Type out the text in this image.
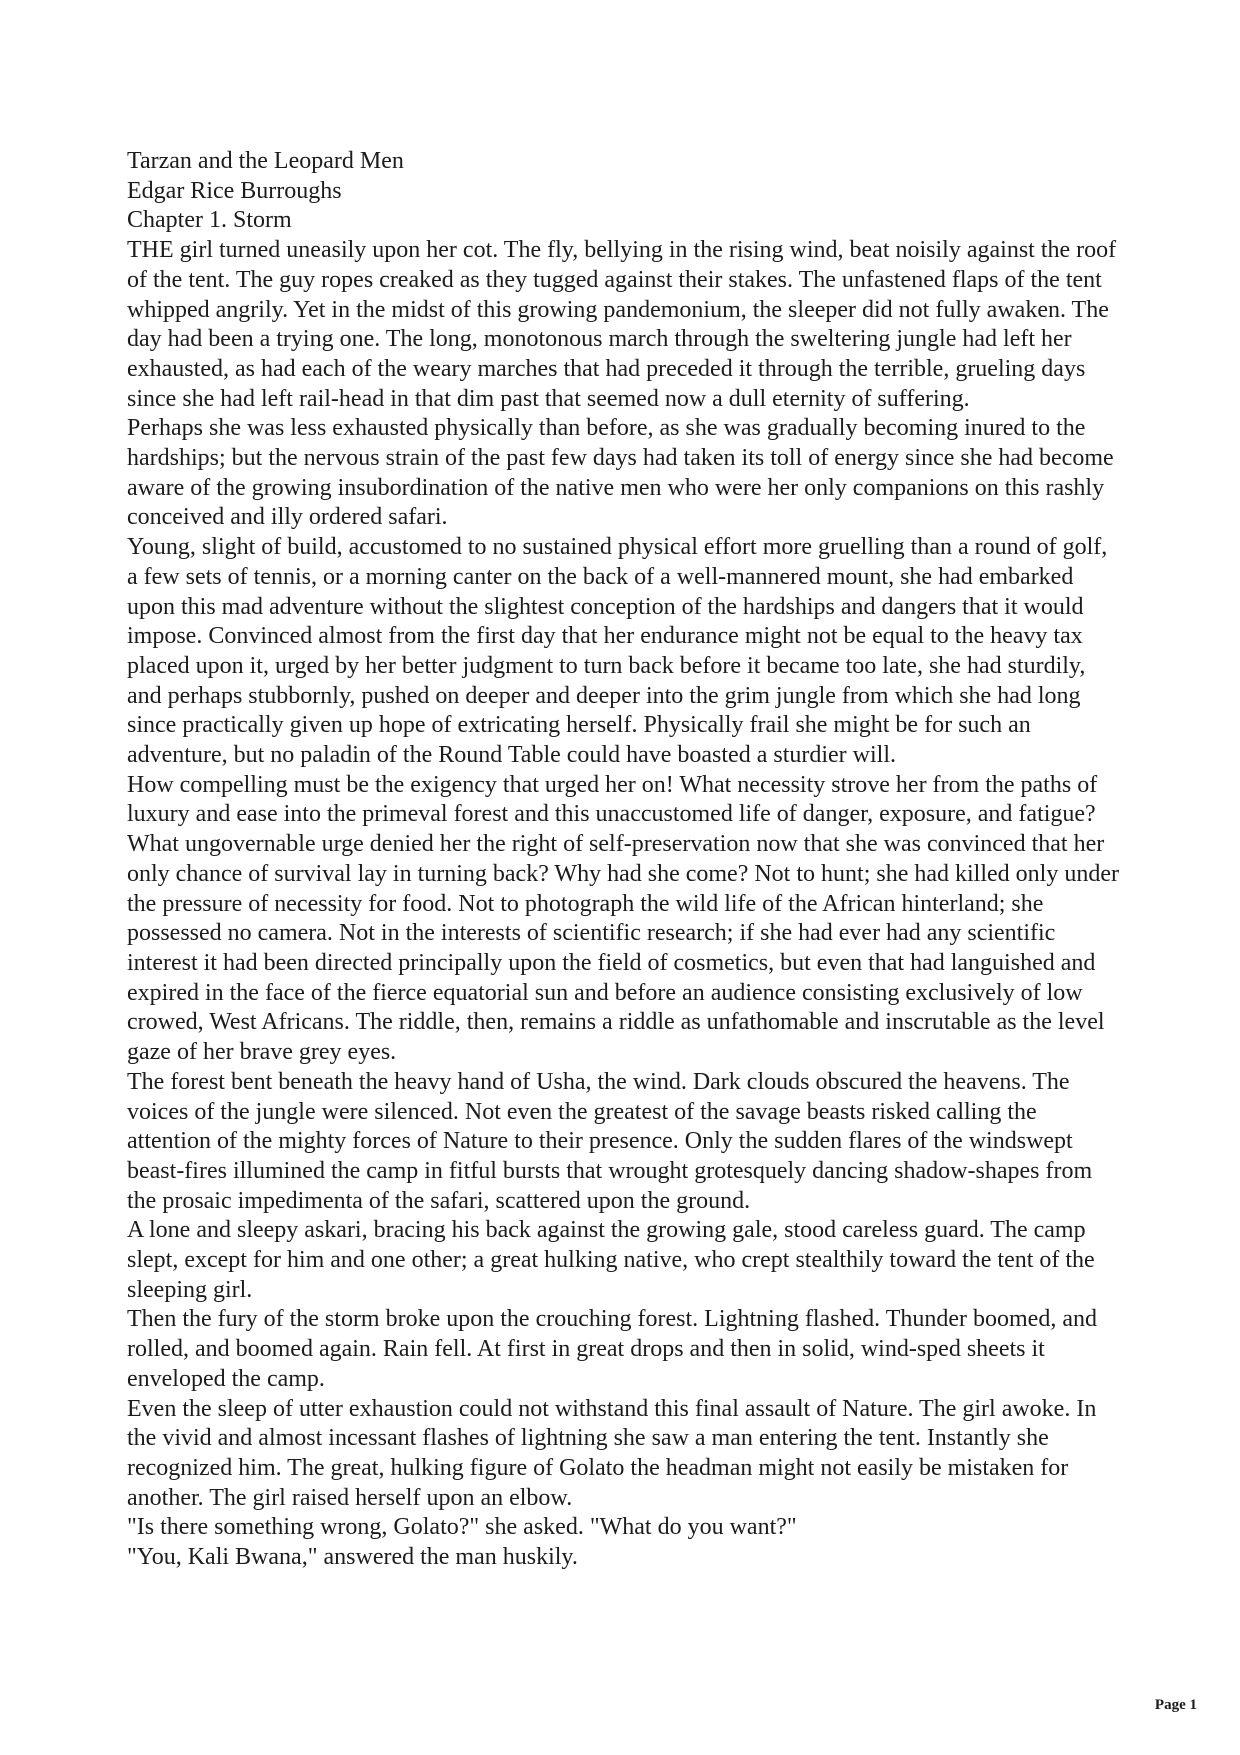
Tarzan and the Leopard Men

Edgar Rice Burroughs

Chapter 1. Storm

THE girl turned uneasily upon her cot. The fly, bellying in the rising wind, beat noisily against the roof of the tent. The guy ropes creaked as they tugged against their stakes. The unfastened flaps of the tent whipped angrily. Yet in the midst of this growing pandemonium, the sleeper did not fully awaken. The day had been a trying one. The long, monotonous march through the sweltering jungle had left her exhausted, as had each of the weary marches that had preceded it through the terrible, grueling days since she had left rail-head in that dim past that seemed now a dull eternity of suffering.

Perhaps she was less exhausted physically than before, as she was gradually becoming inured to the hardships; but the nervous strain of the past few days had taken its toll of energy since she had become aware of the growing insubordination of the native men who were her only companions on this rashly conceived and illy ordered safari.

Young, slight of build, accustomed to no sustained physical effort more gruelling than a round of golf, a few sets of tennis, or a morning canter on the back of a well-mannered mount, she had embarked upon this mad adventure without the slightest conception of the hardships and dangers that it would impose. Convinced almost from the first day that her endurance might not be equal to the heavy tax placed upon it, urged by her better judgment to turn back before it became too late, she had sturdily, and perhaps stubbornly, pushed on deeper and deeper into the grim jungle from which she had long since practically given up hope of extricating herself. Physically frail she might be for such an adventure, but no paladin of the Round Table could have boasted a sturdier will.

How compelling must be the exigency that urged her on! What necessity strove her from the paths of luxury and ease into the primeval forest and this unaccustomed life of danger, exposure, and fatigue? What ungovernable urge denied her the right of self-preservation now that she was convinced that her only chance of survival lay in turning back? Why had she come? Not to hunt; she had killed only under the pressure of necessity for food. Not to photograph the wild life of the African hinterland; she possessed no camera. Not in the interests of scientific research; if she had ever had any scientific interest it had been directed principally upon the field of cosmetics, but even that had languished and expired in the face of the fierce equatorial sun and before an audience consisting exclusively of low crowed, West Africans. The riddle, then, remains a riddle as unfathomable and inscrutable as the level gaze of her brave grey eyes.

The forest bent beneath the heavy hand of Usha, the wind. Dark clouds obscured the heavens. The voices of the jungle were silenced. Not even the greatest of the savage beasts risked calling the attention of the mighty forces of Nature to their presence. Only the sudden flares of the windswept beast-fires illumined the camp in fitful bursts that wrought grotesquely dancing shadow-shapes from the prosaic impedimenta of the safari, scattered upon the ground.

A lone and sleepy askari, bracing his back against the growing gale, stood careless guard. The camp slept, except for him and one other; a great hulking native, who crept stealthily toward the tent of the sleeping girl.

Then the fury of the storm broke upon the crouching forest. Lightning flashed. Thunder boomed, and rolled, and boomed again. Rain fell. At first in great drops and then in solid, wind-sped sheets it enveloped the camp.

Even the sleep of utter exhaustion could not withstand this final assault of Nature. The girl awoke. In the vivid and almost incessant flashes of lightning she saw a man entering the tent. Instantly she recognized him. The great, hulking figure of Golato the headman might not easily be mistaken for another. The girl raised herself upon an elbow.

"Is there something wrong, Golato?" she asked. "What do you want?"

"You, Kali Bwana," answered the man huskily.

Page 1
